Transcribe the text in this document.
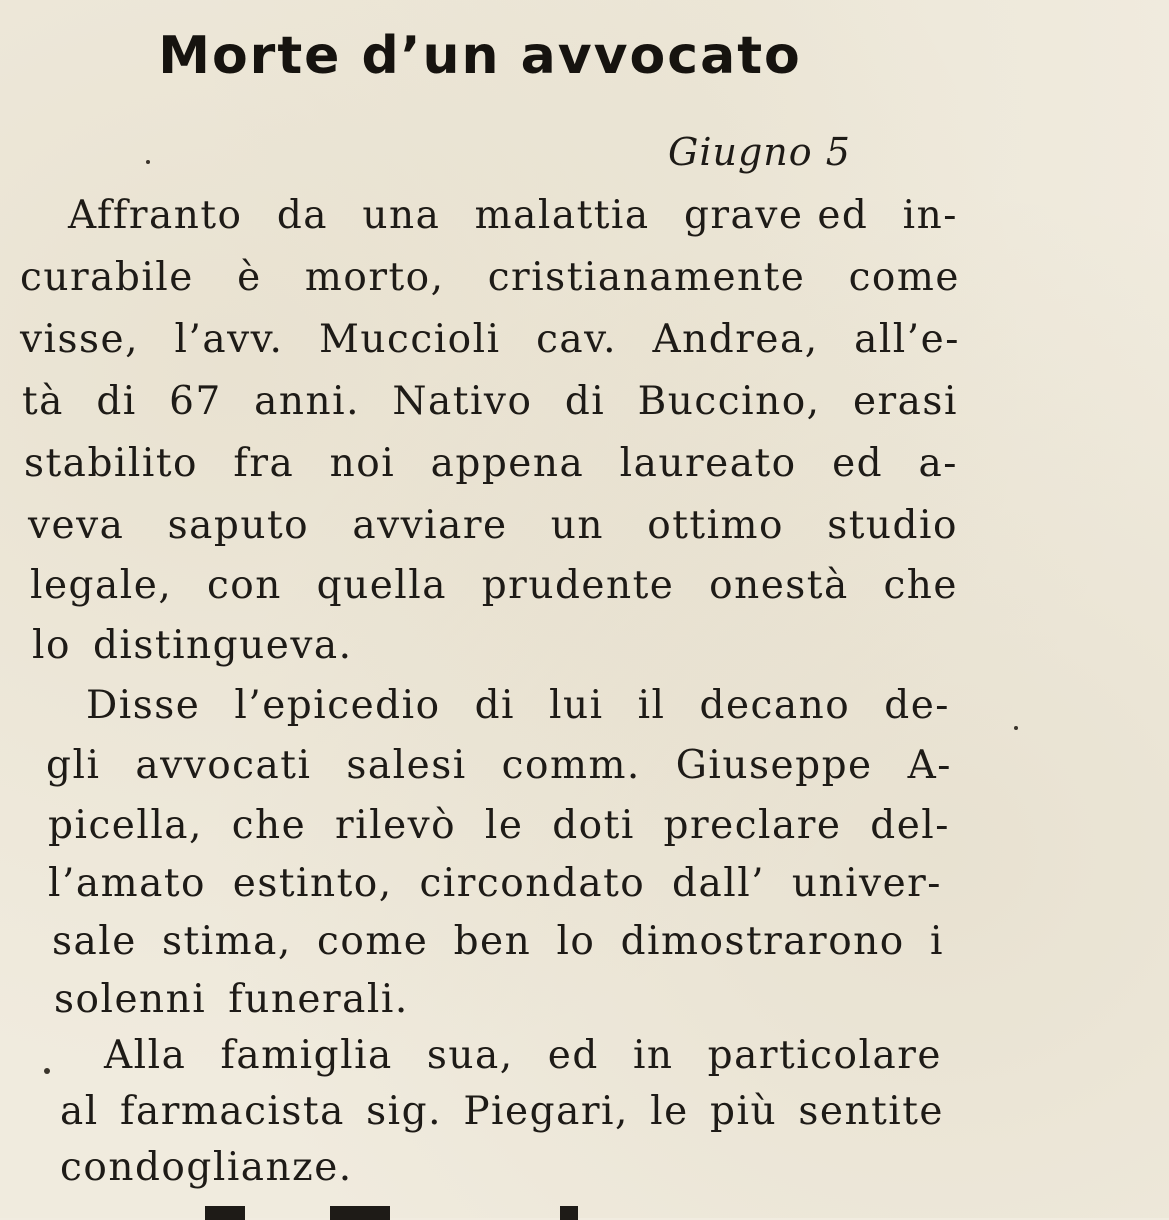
Morte d’un avvocato
Giugno 5
Affranto da una malattia grave ed in-
curabile è morto, cristianamente come
visse, l’avv. Muccioli cav. Andrea, all’e-
tà di 67 anni. Nativo di Buccino, erasi
stabilito fra noi appena laureato ed a-
veva saputo avviare un ottimo studio
legale, con quella prudente onestà che
lo distingueva.
Disse l’epicedio di lui il decano de-
gli avvocati salesi comm. Giuseppe A-
picella, che rilevò le doti preclare del-
l’amato estinto, circondato dall’ univer-
sale stima, come ben lo dimostrarono i
solenni funerali.
Alla famiglia sua, ed in particolare
al farmacista sig. Piegari, le più sentite
condoglianze.
